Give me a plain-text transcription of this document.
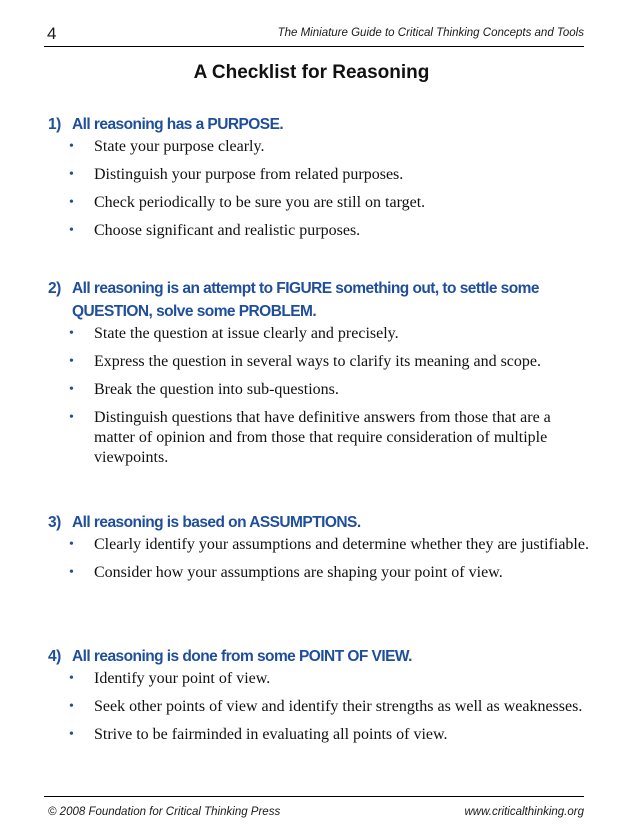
4	The Miniature Guide to Critical Thinking Concepts and Tools
A Checklist for Reasoning
1) All reasoning has a PURPOSE.
• State your purpose clearly.
• Distinguish your purpose from related purposes.
• Check periodically to be sure you are still on target.
• Choose significant and realistic purposes.
2) All reasoning is an attempt to FIGURE something out, to settle some QUESTION, solve some PROBLEM.
• State the question at issue clearly and precisely.
• Express the question in several ways to clarify its meaning and scope.
• Break the question into sub-questions.
• Distinguish questions that have definitive answers from those that are a matter of opinion and from those that require consideration of multiple viewpoints.
3) All reasoning is based on ASSUMPTIONS.
• Clearly identify your assumptions and determine whether they are justifiable.
• Consider how your assumptions are shaping your point of view.
4) All reasoning is done from some POINT OF VIEW.
• Identify your point of view.
• Seek other points of view and identify their strengths as well as weaknesses.
• Strive to be fairminded in evaluating all points of view.
© 2008 Foundation for Critical Thinking Press	www.criticalthinking.org
